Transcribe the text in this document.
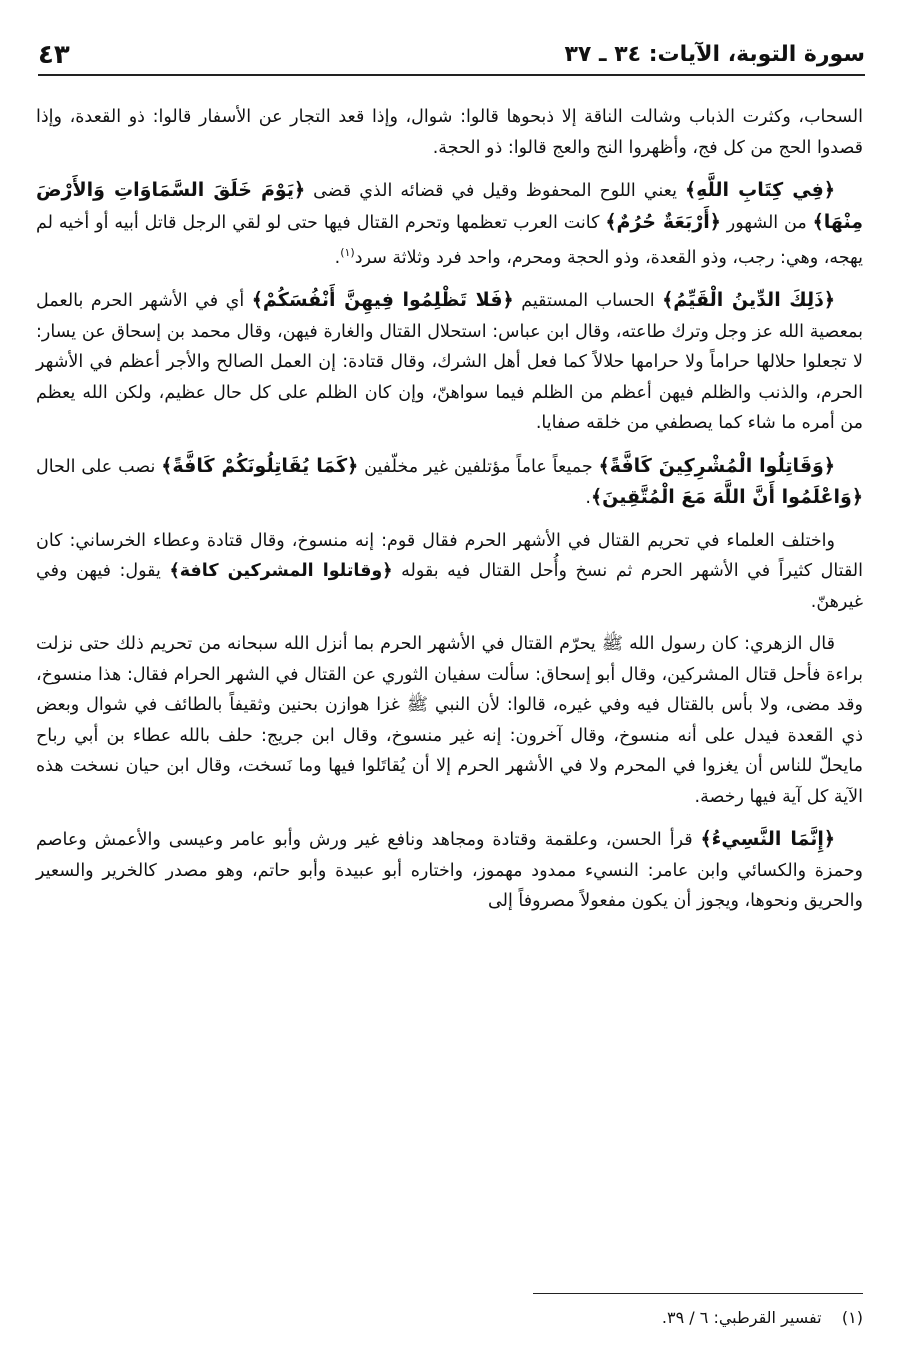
سورة التوبة، الآيات: ٣٤ ـ ٣٧
٤٣

السحاب، وكثرت الذباب وشالت الناقة إلا ذبحوها قالوا: شوال، وإذا قعد التجار عن الأسفار قالوا: ذو القعدة، وإذا قصدوا الحج من كل فج، وأظهروا النج والعج قالوا: ذو الحجة.

﴿فِي كِتَابِ اللَّهِ﴾ يعني اللوح المحفوظ وقيل في قضائه الذي قضى ﴿يَوْمَ خَلَقَ السَّمَاوَاتِ وَالأَرْضَ مِنْهَا﴾ من الشهور ﴿أَرْبَعَةٌ حُرُمٌ﴾ كانت العرب تعظمها وتحرم القتال فيها حتى لو لقي الرجل قاتل أبيه أو أخيه لم يهجه، وهي: رجب، وذو القعدة، وذو الحجة ومحرم، واحد فرد وثلاثة سرد$^{(١)}$.

﴿ذَلِكَ الدِّينُ الْقَيِّمُ﴾ الحساب المستقيم ﴿فَلا تَظْلِمُوا فِيهِنَّ أَنْفُسَكُمْ﴾ أي في الأشهر الحرم بالعمل بمعصية الله عز وجل وترك طاعته، وقال ابن عباس: استحلال القتال والغارة فيهن، وقال محمد بن إسحاق عن يسار: لا تجعلوا حلالها حراماً ولا حرامها حلالاً كما فعل أهل الشرك، وقال قتادة: إن العمل الصالح والأجر أعظم في الأشهر الحرم، والذنب والظلم فيهن أعظم من الظلم فيما سواهنّ، وإن كان الظلم على كل حال عظيم، ولكن الله يعظم من أمره ما شاء كما يصطفي من خلقه صفايا.

﴿وَقَاتِلُوا الْمُشْرِكِينَ كَافَّةً﴾ جميعاً عاماً مؤتلفين غير مخلّفين ﴿كَمَا يُقَاتِلُونَكُمْ كَافَّةً﴾ نصب على الحال ﴿وَاعْلَمُوا أَنَّ اللَّهَ مَعَ الْمُتَّقِينَ﴾.

واختلف العلماء في تحريم القتال في الأشهر الحرم فقال قوم: إنه منسوخ، وقال قتادة وعطاء الخرساني: كان القتال كثيراً في الأشهر الحرم ثم نسخ وأُحل القتال فيه بقوله ﴿وقاتلوا المشركين كافة﴾ يقول: فيهن وفي غيرهنّ.

قال الزهري: كان رسول الله ﷺ يحرّم القتال في الأشهر الحرم بما أنزل الله سبحانه من تحريم ذلك حتى نزلت براءة فأحل قتال المشركين، وقال أبو إسحاق: سألت سفيان الثوري عن القتال في الشهر الحرام فقال: هذا منسوخ، وقد مضى، ولا بأس بالقتال فيه وفي غيره، قالوا: لأن النبي ﷺ غزا هوازن بحنين وثقيفاً بالطائف في شوال وبعض ذي القعدة فيدل على أنه منسوخ، وقال آخرون: إنه غير منسوخ، وقال ابن جريج: حلف بالله عطاء بن أبي رباح مايحلّ للناس أن يغزوا في المحرم ولا في الأشهر الحرم إلا أن يُقاتَلوا فيها وما نَسخت، وقال ابن حيان نسخت هذه الآية كل آية فيها رخصة.

﴿إِنَّمَا النَّسِيءُ﴾ قرأ الحسن، وعلقمة وقتادة ومجاهد ونافع غير ورش وأبو عامر وعيسى والأعمش وعاصم وحمزة والكسائي وابن عامر: النسيء ممدود مهموز، واختاره أبو عبيدة وأبو حاتم، وهو مصدر كالخرير والسعير والحريق ونحوها، ويجوز أن يكون مفعولاً مصروفاً إلى

(١)    تفسير القرطبي: ٦ / ٣٩.
